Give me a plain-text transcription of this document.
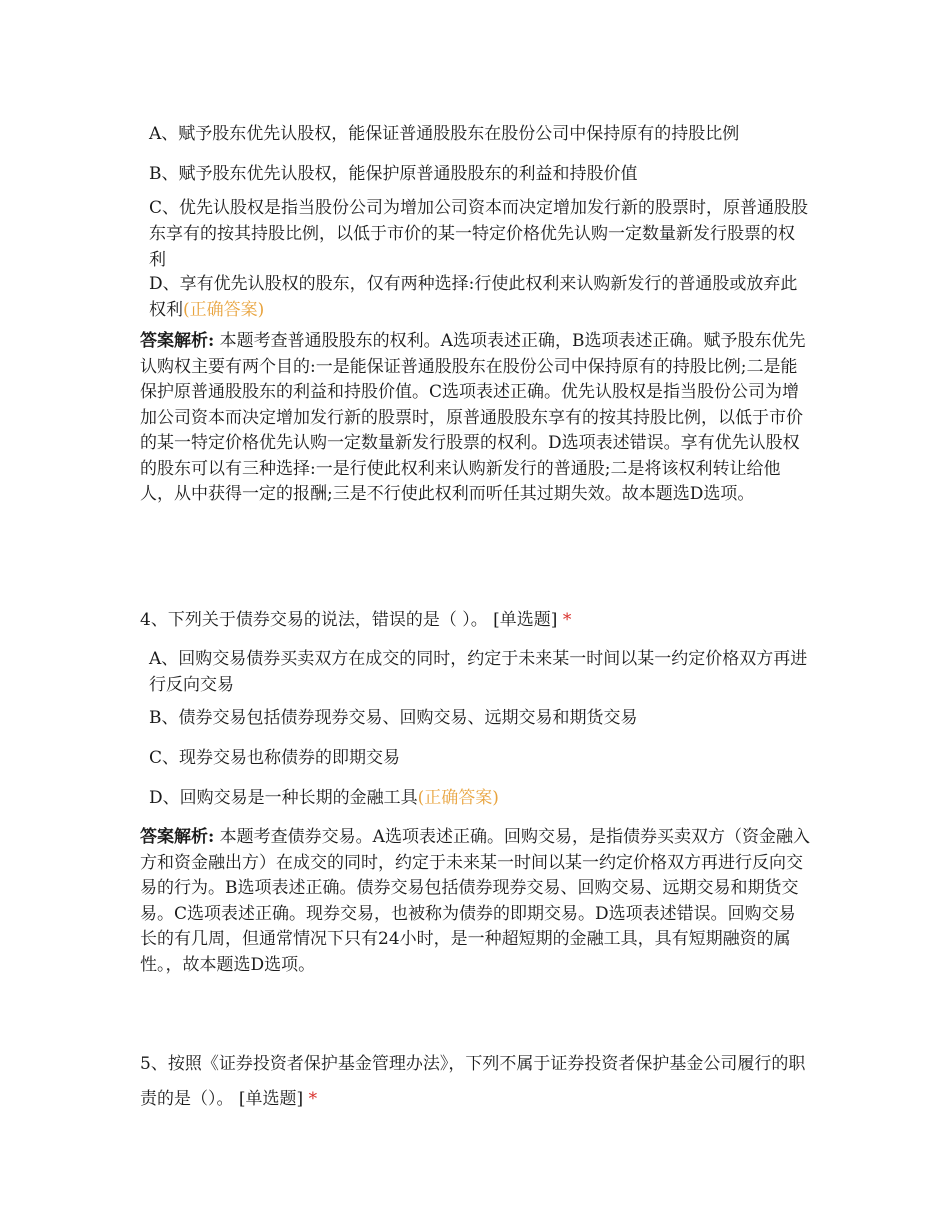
A、赋予股东优先认股权，能保证普通股股东在股份公司中保持原有的持股比例
B、赋予股东优先认股权，能保护原普通股股东的利益和持股价值
C、优先认股权是指当股份公司为增加公司资本而决定增加发行新的股票时，原普通股股东享有的按其持股比例，以低于市价的某一特定价格优先认购一定数量新发行股票的权利
D、享有优先认股权的股东，仅有两种选择:行使此权利来认购新发行的普通股或放弃此权利(正确答案)
答案解析: 本题考查普通股股东的权利。A选项表述正确，B选项表述正确。赋予股东优先认购权主要有两个目的:一是能保证普通股股东在股份公司中保持原有的持股比例;二是能保护原普通股股东的利益和持股价值。C选项表述正确。优先认股权是指当股份公司为增加公司资本而决定增加发行新的股票时，原普通股股东享有的按其持股比例，以低于市价的某一特定价格优先认购一定数量新发行股票的权利。D选项表述错误。享有优先认股权的股东可以有三种选择:一是行使此权利来认购新发行的普通股;二是将该权利转让给他人，从中获得一定的报酬;三是不行使此权利而听任其过期失效。故本题选D选项。
4、下列关于债券交易的说法，错误的是（ ）。 [单选题] *
A、回购交易债券买卖双方在成交的同时，约定于未来某一时间以某一约定价格双方再进行反向交易
B、债券交易包括债券现券交易、回购交易、远期交易和期货交易
C、现券交易也称债券的即期交易
D、回购交易是一种长期的金融工具(正确答案)
答案解析: 本题考查债券交易。A选项表述正确。回购交易，是指债券买卖双方（资金融入方和资金融出方）在成交的同时，约定于未来某一时间以某一约定价格双方再进行反向交易的行为。B选项表述正确。债券交易包括债券现券交易、回购交易、远期交易和期货交易。C选项表述正确。现券交易，也被称为债券的即期交易。D选项表述错误。回购交易长的有几周，但通常情况下只有24小时，是一种超短期的金融工具，具有短期融资的属性。，故本题选D选项。
5、按照《证券投资者保护基金管理办法》，下列不属于证券投资者保护基金公司履行的职责的是（）。 [单选题] *
